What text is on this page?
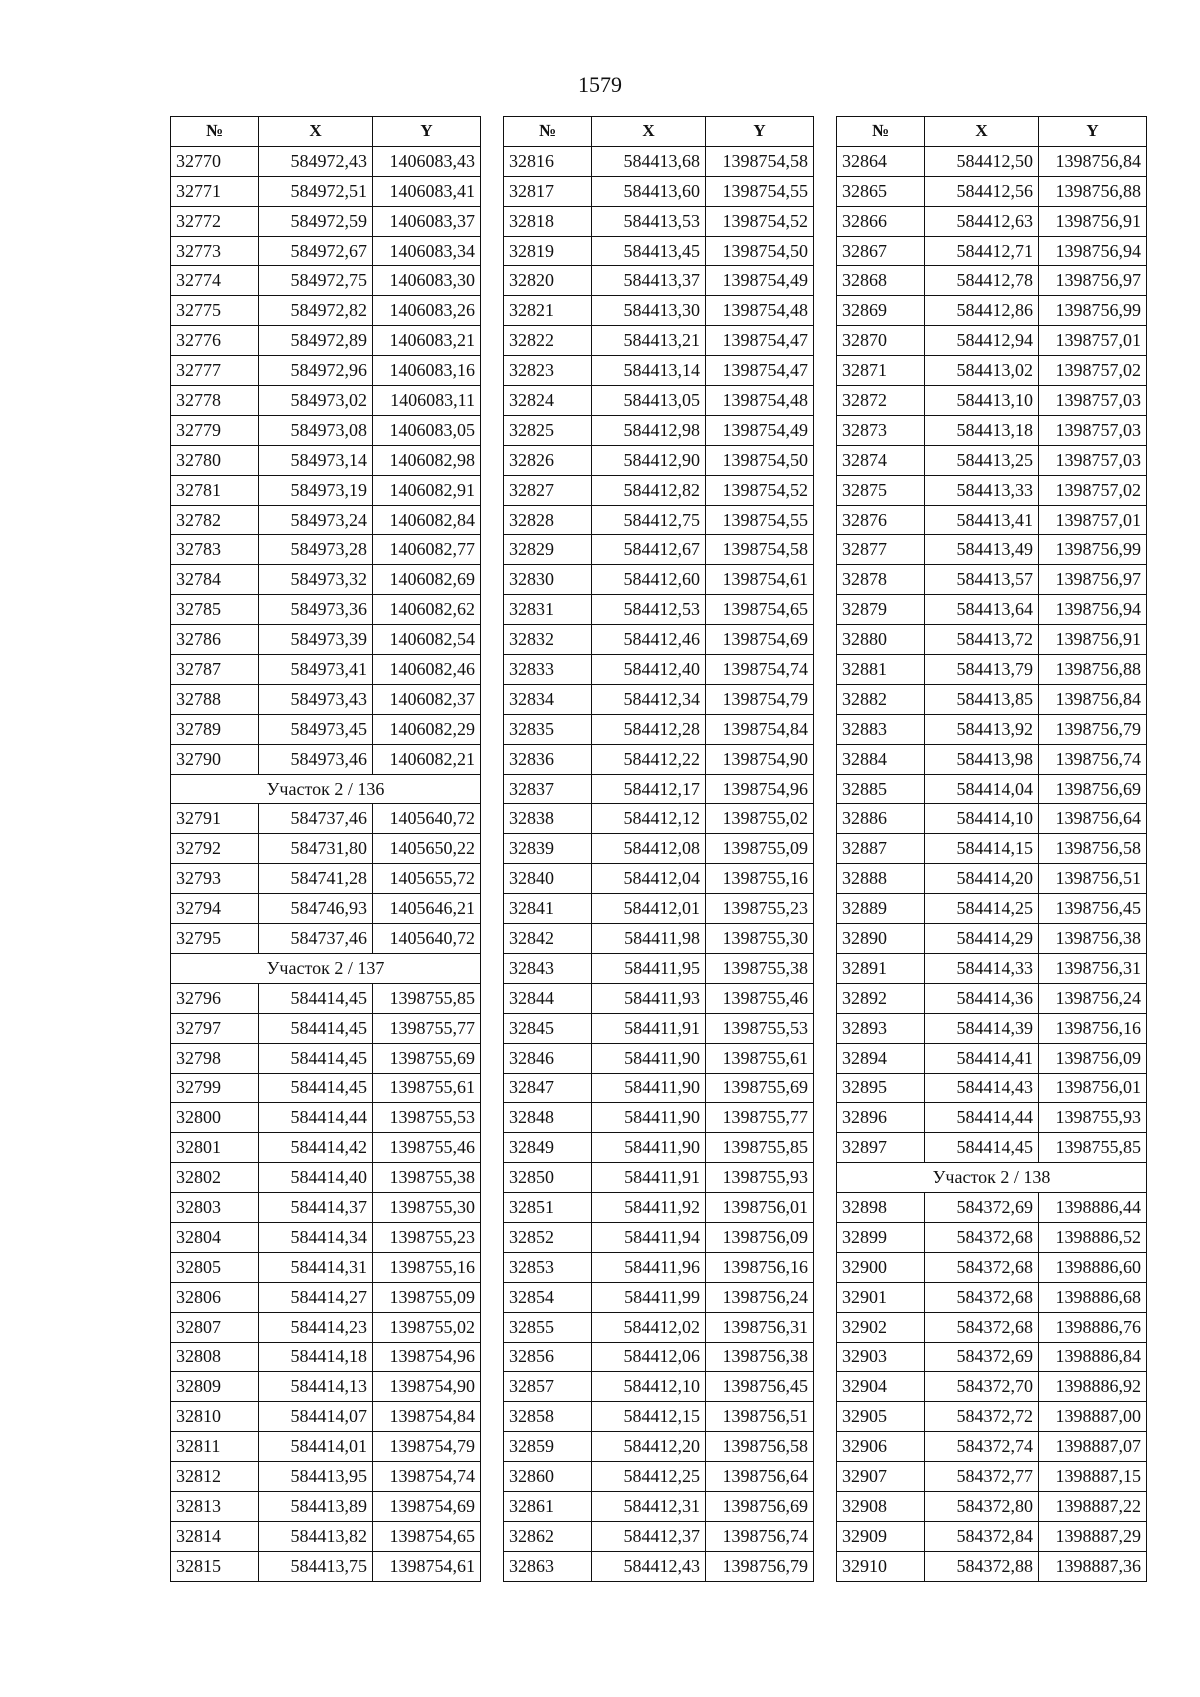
1579
№	X	Y
32770	584972,43	1406083,43
32771	584972,51	1406083,41
32772	584972,59	1406083,37
32773	584972,67	1406083,34
32774	584972,75	1406083,30
32775	584972,82	1406083,26
32776	584972,89	1406083,21
32777	584972,96	1406083,16
32778	584973,02	1406083,11
32779	584973,08	1406083,05
32780	584973,14	1406082,98
32781	584973,19	1406082,91
32782	584973,24	1406082,84
32783	584973,28	1406082,77
32784	584973,32	1406082,69
32785	584973,36	1406082,62
32786	584973,39	1406082,54
32787	584973,41	1406082,46
32788	584973,43	1406082,37
32789	584973,45	1406082,29
32790	584973,46	1406082,21
Участок 2 / 136		
32791	584737,46	1405640,72
32792	584731,80	1405650,22
32793	584741,28	1405655,72
32794	584746,93	1405646,21
32795	584737,46	1405640,72
Участок 2 / 137		
32796	584414,45	1398755,85
32797	584414,45	1398755,77
32798	584414,45	1398755,69
32799	584414,45	1398755,61
32800	584414,44	1398755,53
32801	584414,42	1398755,46
32802	584414,40	1398755,38
32803	584414,37	1398755,30
32804	584414,34	1398755,23
32805	584414,31	1398755,16
32806	584414,27	1398755,09
32807	584414,23	1398755,02
32808	584414,18	1398754,96
32809	584414,13	1398754,90
32810	584414,07	1398754,84
32811	584414,01	1398754,79
32812	584413,95	1398754,74
32813	584413,89	1398754,69
32814	584413,82	1398754,65
32815	584413,75	1398754,61
№	X	Y
32816	584413,68	1398754,58
32817	584413,60	1398754,55
32818	584413,53	1398754,52
32819	584413,45	1398754,50
32820	584413,37	1398754,49
32821	584413,30	1398754,48
32822	584413,21	1398754,47
32823	584413,14	1398754,47
32824	584413,05	1398754,48
32825	584412,98	1398754,49
32826	584412,90	1398754,50
32827	584412,82	1398754,52
32828	584412,75	1398754,55
32829	584412,67	1398754,58
32830	584412,60	1398754,61
32831	584412,53	1398754,65
32832	584412,46	1398754,69
32833	584412,40	1398754,74
32834	584412,34	1398754,79
32835	584412,28	1398754,84
32836	584412,22	1398754,90
32837	584412,17	1398754,96
32838	584412,12	1398755,02
32839	584412,08	1398755,09
32840	584412,04	1398755,16
32841	584412,01	1398755,23
32842	584411,98	1398755,30
32843	584411,95	1398755,38
32844	584411,93	1398755,46
32845	584411,91	1398755,53
32846	584411,90	1398755,61
32847	584411,90	1398755,69
32848	584411,90	1398755,77
32849	584411,90	1398755,85
32850	584411,91	1398755,93
32851	584411,92	1398756,01
32852	584411,94	1398756,09
32853	584411,96	1398756,16
32854	584411,99	1398756,24
32855	584412,02	1398756,31
32856	584412,06	1398756,38
32857	584412,10	1398756,45
32858	584412,15	1398756,51
32859	584412,20	1398756,58
32860	584412,25	1398756,64
32861	584412,31	1398756,69
32862	584412,37	1398756,74
32863	584412,43	1398756,79
№	X	Y
32864	584412,50	1398756,84
32865	584412,56	1398756,88
32866	584412,63	1398756,91
32867	584412,71	1398756,94
32868	584412,78	1398756,97
32869	584412,86	1398756,99
32870	584412,94	1398757,01
32871	584413,02	1398757,02
32872	584413,10	1398757,03
32873	584413,18	1398757,03
32874	584413,25	1398757,03
32875	584413,33	1398757,02
32876	584413,41	1398757,01
32877	584413,49	1398756,99
32878	584413,57	1398756,97
32879	584413,64	1398756,94
32880	584413,72	1398756,91
32881	584413,79	1398756,88
32882	584413,85	1398756,84
32883	584413,92	1398756,79
32884	584413,98	1398756,74
32885	584414,04	1398756,69
32886	584414,10	1398756,64
32887	584414,15	1398756,58
32888	584414,20	1398756,51
32889	584414,25	1398756,45
32890	584414,29	1398756,38
32891	584414,33	1398756,31
32892	584414,36	1398756,24
32893	584414,39	1398756,16
32894	584414,41	1398756,09
32895	584414,43	1398756,01
32896	584414,44	1398755,93
32897	584414,45	1398755,85
Участок 2 / 138		
32898	584372,69	1398886,44
32899	584372,68	1398886,52
32900	584372,68	1398886,60
32901	584372,68	1398886,68
32902	584372,68	1398886,76
32903	584372,69	1398886,84
32904	584372,70	1398886,92
32905	584372,72	1398887,00
32906	584372,74	1398887,07
32907	584372,77	1398887,15
32908	584372,80	1398887,22
32909	584372,84	1398887,29
32910	584372,88	1398887,36
